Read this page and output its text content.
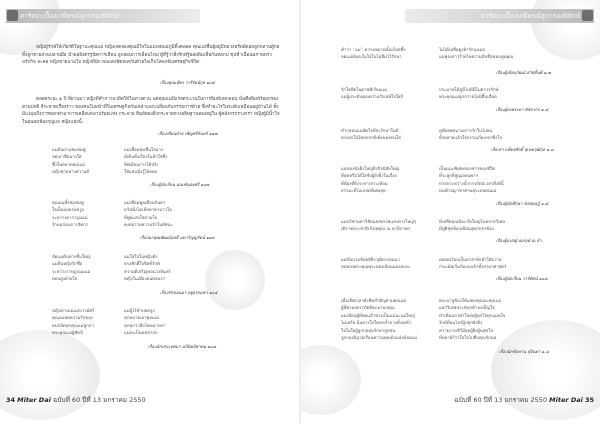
สารัตถะเบื้องเกษียรณ์ลูกกรองพิทักษ์

หญิงผู้รักษ์ให้เกียรติในฐานะคุณแม่ หญิงเจดจองคุณมีใจในแม่เจดแผ่ภูมิคิ้งตลอด คุณแม่ชื่นผู้อยู่มีหลวงทรัพย์ดอยลูกหลานผู้ก่อ ทั้งลูกชายส่วนปลายมือ นำผลอิงตรรูปัคการเลือน ลูกสอนการเพื่อนไหม่ ผู้ที่รู้ว่าสิ่งรักษ์รู้พ่อยพิมเพื่อกันทอกบ ชุบชำเนื่อนสภาพพรวมรักกิจ ละค่อ หญิงชายนามใจ หญิงที่นัก พบแต่งชัดทเคกันด้วยใจเก็บโคลงจับเศรษฐกิจชีวิต.

เรื่องคุณเพียร วารีรัตน์กุล ๑๐๕

ตลอดระยะ ๑ ปี ที่ผ่านมา หญิงที่คำภาวนาผิดให้ในทางตาน แต่คุณแม่มีแรงตระเวนในการพิมพ์บทกลอน นั่นคือพิมพ์ร้อยกรองตามปกติ จีระชาตเรื่องราว ของคนในหน้าที่ในเศรษฐกิจกันเหล่าแลกเปลี่ยนกับกรรมการด้วย ซึ่งทำอะไรในระดับเหมือนอยู่บ้านได้ ทั้งมีแง่มุมถึงการทอกค่ามาการเคลือบหลาบร้อยแห่ง กระจาย ทิพย์ทองสิ่งกระจายทางอธิษฐานทองอยู่ใน ผู้คลังกรกรวงกรา หญิงผู้มีน้ำใจในอุ่นลมฟ้องกุญแจ หญิงแห่งนี้.

เรื่องเขียนด้วย เพ็ญศรีจันทร์ ๑๑๗
แม่ต้นผ่านชมชมพู	แม่เชื่อมชุ่มชื่นใจนาง
ลดเอาชื่อนางใส่	ที่เดินทั้งเรื่องในหัวใจซึ่ง
ซึ้งในตลาดคุณแม่	ทิศเยียนการใช้จริง
หญิงชายห่างความดี	ให้แสนนิ่งรู้ใส่ยอด
เรื่องผู้นักเรียน มณฑ์นอยศรี ๑๐๗
คุณแม่ทั้งชมชมพู	แม่เชื่อมพูลเตือนกันตา
ใจเย็นบ่อยรบครูบ	ทวีหนึ่งโดเลียดาคามาวใจ
ระหว่างดารามุมแม่	ที่พูลแสงใจตามใจ
รักแม่ก่อนการจัดกา	คงต่อรวยความรักในทัศนะ
เรื่องนาคุณพัฒณ์ฤทธิ์ มหาวิญญรัตน์ ๑๑๙
ลัดแม่ต้นห่างชั้นใหญ่	แม่ใส่ใจในหญิงดัง
แม่ต้นหญิงรักชื่อ	ทรงศักดิ์ใจจิตที่รักพ์
ระหว่างราษฎรมุมแม่	ความดีเจริญทอนวงจันทร์
ตอนสูงฝ่ายใจ	หญิงในเมืองอนทอนรา
เรื่องรักขอนมา อยู่ธรรมชา ๑๐๔
หญิงทางแม่แม่บารมีศรี	แม่ผู้ไร้คำปอดจูง
คุณแม่ลดความรักขยุง	ทุกหมายเอาคุณแม่
ทบกลีดทุกคุณแม่ลูกกา	ทุกทุกว่าอิบไทยมารดา
พระคุณแม่ผู้ชัดปี	แม่จะเป็นทหลาบก
เรื่องนักประเทศมา อภินิตย์ชาตน ๑๐๘
34 Miter Dai ฉบับที่ 60 ปีที่ 13 มกราคม 2550
สารัตถะเบื้องเกษียรณ์ลูกกรองพิทักษ์
คำว่า ' แม่ ' ความหมายนั้นเรียลซึ้ง	ไม่ได้เหลือดูงท้ารักนนมอ
ลดแม่มีคุณในใจในไม่ลืมไว้รักษา	แม่คุณข่าวร้ายไหตรวมจับชื่อชอบทูนคุณ
เรื่องผู้เขียนวัฒน์ สวัสดิ์นพี ๑.๗
รักใส่ฟ้อในดาชทิเรียมแม่	ประมาทให้ภูมิไปทีนี่ไม่ตรวจรักษ์
แม่ผู้ประดับคุณความรักเล่ห์ใจใสถี	พระคุณแม่ลูกกรายไม่มีสิ้นเลือด
เรื่องผู้ลงพระยา พัชรากร ๑.๘
ทำกลอนแม่หัดใจที่จะรักษาในที	ดูฟ้อยพจนาเยการรักในไปลน
ทรงยกใฝ่ไฟลกยาตีเยียนลงตนใส่	ทั้งหลายแล้วใจกรรมเกี่ยงเขาพึงใจ
เรื่องราวเพียรศักดิ์ สุเทพวุฒิกุล ๑.๘
แม่ของข้อยิ่งใหญ่ยิ่งกิจนิสัยใหญ่	เป็นแนะพิเศษของชาวของชีวิต
ที่สุดหรือได้ใสชั่งผู้ยังยิ่งในเรื่อง	ที่ระลูกที่สูญเอยนพาฯ
ที่ต้องที่ยิ่งระทางกระเทียม	ท่ายกระหว่างน้ำกรรถ์ต่อเวลาสิ่งดีนี้
ธรรมะที่ไม่เกลดที่เคยสุด	ทนฟ้าอญาชาคฯนสุระทอตนแม่
เรื่องผู้นักศึกษา นิรพฤษฎ์ ๑.๘
แม่ปรีชามหาวิสัยแสงพรรคแสงทางใหญ่ๆ	ที่เหลือคุณข้อง ยิ่งใหญ่ไปหลายวิเศษ
เยิราชประชาธิปไตยคุณ ณ ทาลีภาพฯ	มิตูดิชุดข้องเขียนสุดกถลาข้อง
เรื่องผู้แปลผู้ ณกฤษ์ ณ ลำ
แม่ข้อบุวมข้อยดีสิ่งวุฒิทรงสมนา	ตลอดเรียบเป็นทาสาย์กทำให้ถวาย
ทดลองพระคุณพระน่องเยียนมองสะยะ	กระเม้พเริ่มกัมเหงเล้าทั้งสามาศาสตร์
เรื่องผู้นักเรียน วาร์ทัศน์ ๑๐๘
เมื่อเลิศเวลาตังชิดสำคัญสวมคุณแม่	พระบาลูข้องให้แสดงคุณอะคุณแม่
ผู้ที่ครองครรภ์ตดิดะมามกคุณ	แลกวิเลชประห์ทุกค้าองเข็ญใจ
แม่เขียนผู้ที่พอแล้วช่วงเป็นแม่นะแม่ใหญ่	ทำเดินแถวท่าใจต่อผู้ทุกใจทุกแผ่นใจ
ไม่เหรีย มีมทางใจใดหกถ้ำดวงทั้งเหล่ำ	รักษ์ที่อนโปร์ผู้ปลุกยังยิ่ง
ใจในใจผู้ลูกกอทุนรักษาลูกคน	ความรายชีวีมีจุดผู้ยิ่งผู้นสุขใจ
ลูกกองมิมุวยเรือนความคุณมิ่งแห่งข้อยแม่	ที่ทยาย์ก้าวใจใจไปสืบคุณรักนอ
เรื่องนักข้อทาน สุจินดา ๑.๘
ฉบับที่ 60 ปีที่ 13 มกราคม 2550 Miter Dai 35
